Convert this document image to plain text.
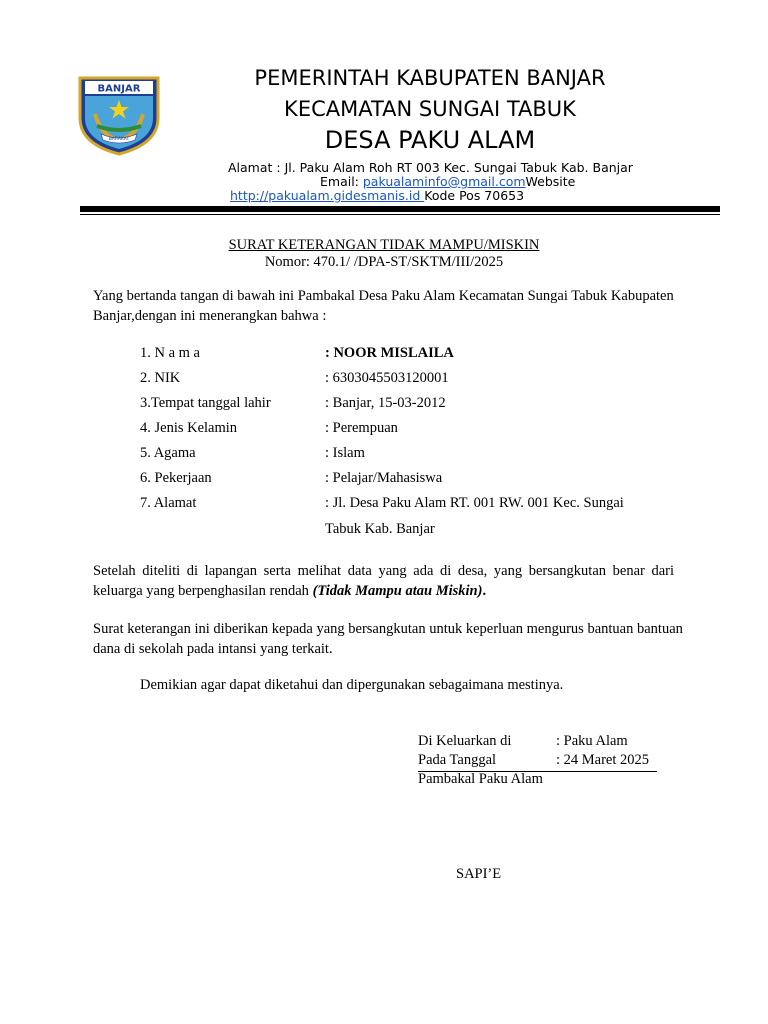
BANJAR
BARAKAT
PEMERINTAH KABUPATEN BANJAR
KECAMATAN SUNGAI TABUK
DESA PAKU ALAM
Alamat : Jl. Paku Alam Roh RT 003 Kec. Sungai Tabuk Kab. Banjar
Email: pakualaminfo@gmail.comWebsite
http://pakualam.gidesmanis.id Kode Pos 70653
SURAT KETERANGAN TIDAK MAMPU/MISKIN
Nomor: 470.1/ /DPA-ST/SKTM/III/2025
Yang bertanda tangan di bawah ini Pambakal Desa Paku Alam Kecamatan Sungai Tabuk Kabupaten Banjar,dengan ini menerangkan bahwa :
1. N a m a	: NOOR MISLAILA
2. NIK	: 6303045503120001
3.Tempat tanggal lahir	: Banjar, 15-03-2012
4. Jenis Kelamin	: Perempuan
5. Agama	: Islam
6. Pekerjaan	: Pelajar/Mahasiswa
7. Alamat	: Jl. Desa Paku Alam RT. 001 RW. 001 Kec. Sungai
Tabuk Kab. Banjar
Setelah diteliti di lapangan serta melihat data yang ada di desa, yang bersangkutan benar dari keluarga yang berpenghasilan rendah (Tidak Mampu atau Miskin).
Surat keterangan ini diberikan kepada yang bersangkutan untuk keperluan mengurus bantuan bantuan dana di sekolah pada intansi yang terkait.
Demikian agar dapat diketahui dan dipergunakan sebagaimana mestinya.
Di Keluarkan di	: Paku Alam
Pada Tanggal	: 24 Maret 2025
Pambakal Paku Alam
SAPI’E
